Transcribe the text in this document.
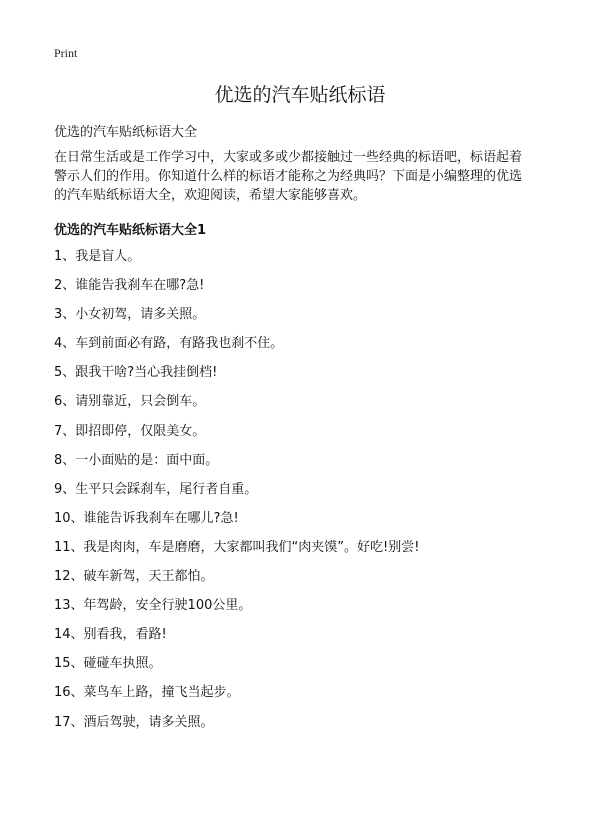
Print
优选的汽车贴纸标语
优选的汽车贴纸标语大全
在日常生活或是工作学习中，大家或多或少都接触过一些经典的标语吧，标语起着
警示人们的作用。你知道什么样的标语才能称之为经典吗？下面是小编整理的优选
的汽车贴纸标语大全，欢迎阅读，希望大家能够喜欢。
优选的汽车贴纸标语大全1
1、我是盲人。
2、谁能告我刹车在哪?急!
3、小女初驾，请多关照。
4、车到前面必有路，有路我也刹不住。
5、跟我干啥?当心我挂倒档!
6、请别靠近，只会倒车。
7、即招即停，仅限美女。
8、一小面贴的是：面中面。
9、生平只会踩刹车，尾行者自重。
10、谁能告诉我刹车在哪儿?急!
11、我是肉肉，车是磨磨，大家都叫我们“肉夹馍”。好吃!别尝!
12、破车新驾，天王都怕。
13、年驾龄，安全行驶100公里。
14、别看我，看路!
15、碰碰车执照。
16、菜鸟车上路，撞飞当起步。
17、酒后驾驶，请多关照。
